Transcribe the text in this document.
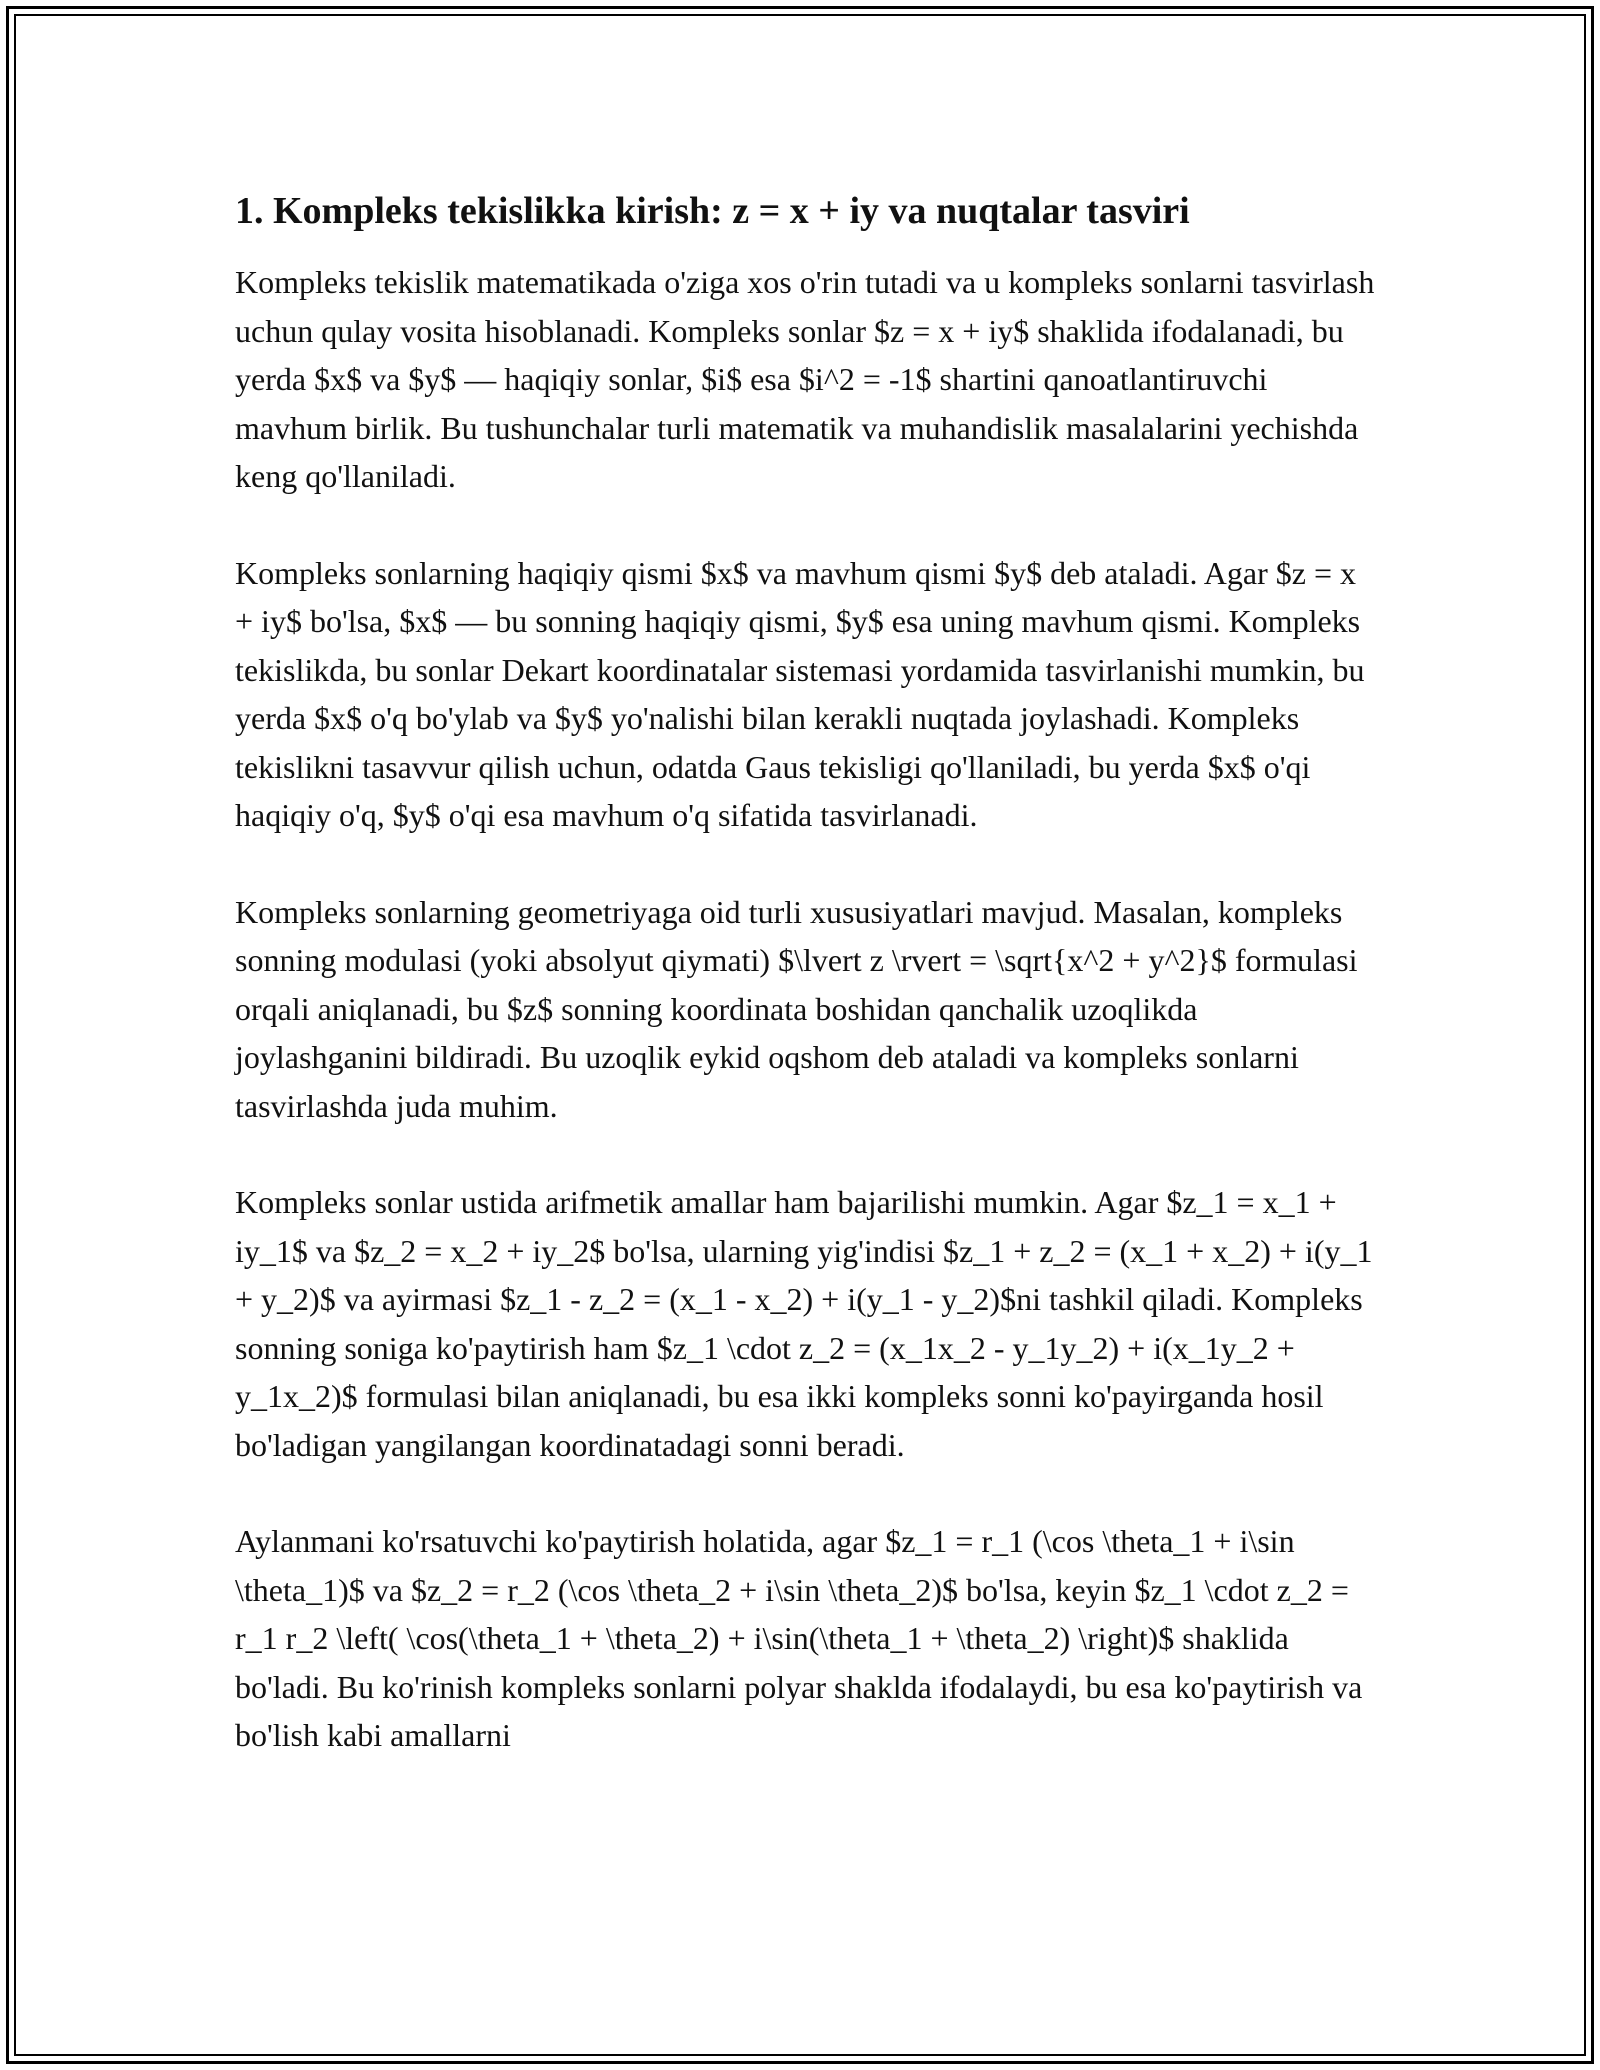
1. Kompleks tekislikka kirish: z = x + iy va nuqtalar tasviri

Kompleks tekislik matematikada o'ziga xos o'rin tutadi va u kompleks sonlarni tasvirlash uchun qulay vosita hisoblanadi. Kompleks sonlar $z = x + iy$ shaklida ifodalanadi, bu yerda $x$ va $y$ — haqiqiy sonlar, $i$ esa $i^2 = -1$ shartini qanoatlantiruvchi mavhum birlik. Bu tushunchalar turli matematik va muhandislik masalalarini yechishda keng qo'llaniladi.

Kompleks sonlarning haqiqiy qismi $x$ va mavhum qismi $y$ deb ataladi. Agar $z = x + iy$ bo'lsa, $x$ — bu sonning haqiqiy qismi, $y$ esa uning mavhum qismi. Kompleks tekislikda, bu sonlar Dekart koordinatalar sistemasi yordamida tasvirlanishi mumkin, bu yerda $x$ o'q bo'ylab va $y$ yo'nalishi bilan kerakli nuqtada joylashadi. Kompleks tekislikni tasavvur qilish uchun, odatda Gaus tekisligi qo'llaniladi, bu yerda $x$ o'qi haqiqiy o'q, $y$ o'qi esa mavhum o'q sifatida tasvirlanadi.

Kompleks sonlarning geometriyaga oid turli xususiyatlari mavjud. Masalan, kompleks sonning modulasi (yoki absolyut qiymati) $\lvert z \rvert = \sqrt{x^2 + y^2}$ formulasi orqali aniqlanadi, bu $z$ sonning koordinata boshidan qanchalik uzoqlikda joylashganini bildiradi. Bu uzoqlik eykid oqshom deb ataladi va kompleks sonlarni tasvirlashda juda muhim.

Kompleks sonlar ustida arifmetik amallar ham bajarilishi mumkin. Agar $z_1 = x_1 + iy_1$ va $z_2 = x_2 + iy_2$ bo'lsa, ularning yig'indisi $z_1 + z_2 = (x_1 + x_2) + i(y_1 + y_2)$ va ayirmasi $z_1 - z_2 = (x_1 - x_2) + i(y_1 - y_2)$ni tashkil qiladi. Kompleks sonning soniga ko'paytirish ham $z_1 \cdot z_2 = (x_1x_2 - y_1y_2) + i(x_1y_2 + y_1x_2)$ formulasi bilan aniqlanadi, bu esa ikki kompleks sonni ko'payirganda hosil bo'ladigan yangilangan koordinatadagi sonni beradi.

Aylanmani ko'rsatuvchi ko'paytirish holatida, agar $z_1 = r_1 (\cos \theta_1 + i\sin \theta_1)$ va $z_2 = r_2 (\cos \theta_2 + i\sin \theta_2)$ bo'lsa, keyin $z_1 \cdot z_2 = r_1 r_2 \left( \cos(\theta_1 + \theta_2) + i\sin(\theta_1 + \theta_2) \right)$ shaklida bo'ladi. Bu ko'rinish kompleks sonlarni polyar shakldа ifodalaydi, bu esa ko'paytirish va bo'lish kabi amallarni
